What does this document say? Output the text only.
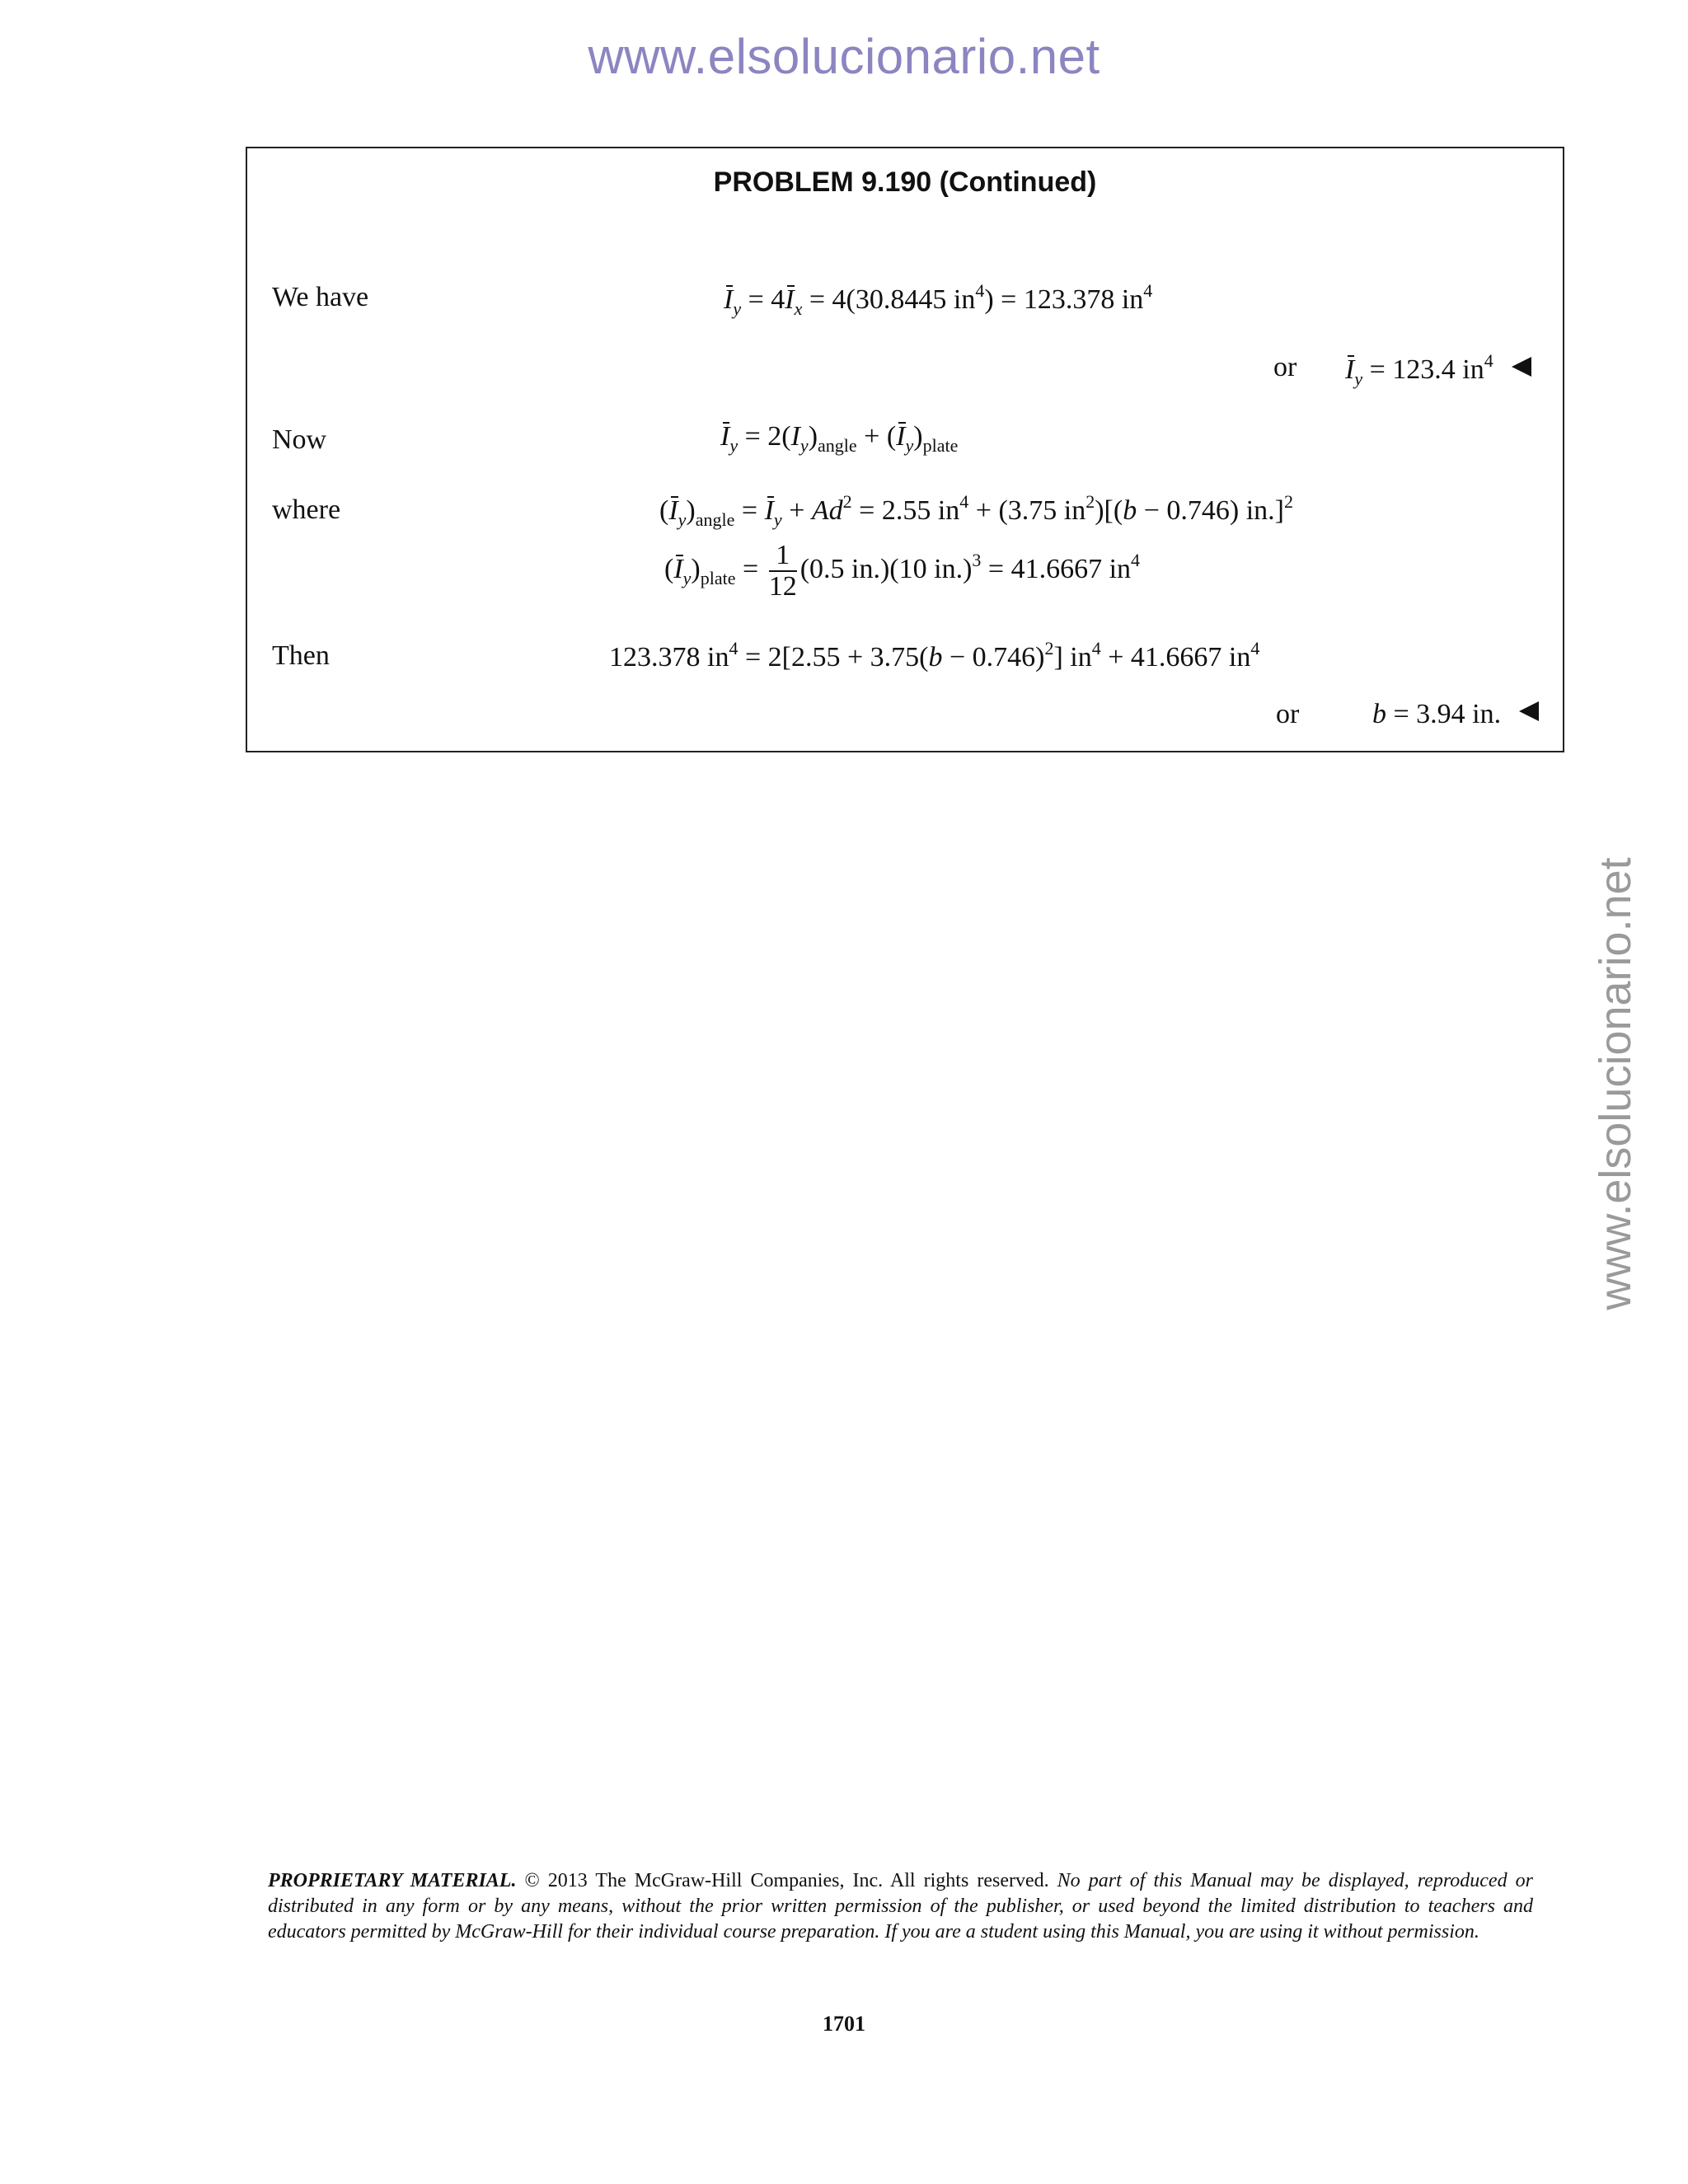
www.elsolucionario.net
www.elsolucionario.net
PROBLEM 9.190 (Continued)
We have	$I_y = 4I_x = 4(30.8445$ $in^4) = 123.378$ $in^4$
or $I_y = 123.4$ $in^4$
Now	$I_y = 2(I_y)_{angle} + (I_y)_{plate}$
where	$(I_y)_{angle} = I_y + Ad^2 = 2.55$ $in^4 + (3.75$ $in^2)[(b - 0.746)$ in.]$^2$
$(I_y)_{plate} = \frac{1}{12} (0.5$ in.)(10 in.)$^3$ = 41.6667 $in^4$
Then	123.378 $in^4 = 2[2.55 + 3.75(b - 0.746)^2] in^4 + 41.6667$ $in^4$
or	b = 3.94 in.
PROPRIETARY MATERIAL. © 2013 The McGraw-Hill Companies, Inc. All rights reserved. No part of this Manual may be displayed, reproduced or distributed in any form or by any means, without the prior written permission of the publisher, or used beyond the limited distribution to teachers and educators permitted by McGraw-Hill for their individual course preparation. If you are a student using this Manual, you are using it without permission.
1701
